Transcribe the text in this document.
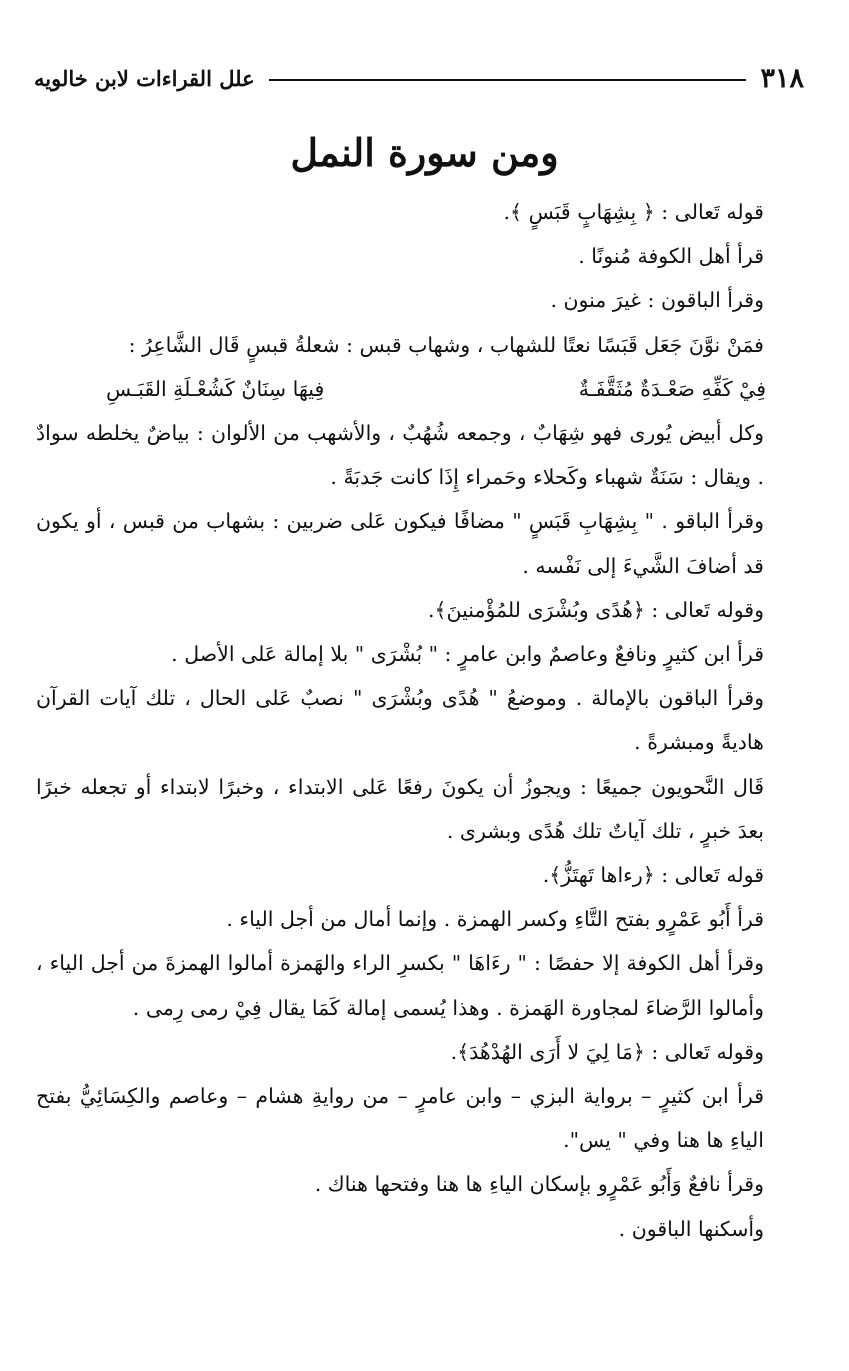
٣١٨
علل القراءات لابن خالويه
ومن سورة النمل

قوله تَعالى : ﴿ بِشِهَابٍ قَبَسٍ ﴾.

قرأ أهل الكوفة مُنونًا .

وقرأ الباقون : غيرَ منون .

فمَنْ نوَّنَ جَعَل قَبَسًا نعتًا للشهاب ، وشهاب قبس : شعلةُ قبسٍ قَال الشَّاعِرُ :

فِيْ كَفِّهِ صَعْـدَةٌ مُثَقَّفَـةٌ
فِيهَا سِنَانٌ كَشُعْـلَةِ القَبَـسِ

وكل أبيض يُورى فهو شِهَابٌ ، وجمعه شُهُبٌ ، والأشهب من الألوان : بياضٌ يخلطه سوادٌ . ويقال : سَنَةٌ شهباء وكَحلاء وحَمراء إِذَا كانت جَدبَةً .

وقرأ الباقو . " بِشِهَابِ قَبَسٍ " مضافًا فيكون عَلى ضربين : بشهاب من قبس ، أو يكون قد أضافَ الشَّيءَ إلى نَفْسه .

وقوله تَعالى : ﴿هُدًى وبُشْرَى للمُؤْمنينَ﴾.

قرأ ابن كثيرٍ ونافعٌ وعاصمٌ وابن عامرٍ : " بُشْرَى " بلا إمالة عَلى الأصل .

وقرأ الباقون بالإمالة . وموضعُ " هُدًى وبُشْرَى " نصبٌ عَلى الحال ، تلك آيات القرآن هاديةً ومبشرةً .

قَال النَّحويون جميعًا : ويجوزُ أن يكونَ رفعًا عَلى الابتداء ، وخبرًا لابتداء أو تجعله خبرًا بعدَ خبرٍ ، تلك آياتٌ تلك هُدًى وبشرى .

قوله تَعالى : ﴿رءاها تَهتَزُّ﴾.

قرأ أَبُو عَمْرٍو بفتح التَّاءِ وكسر الهمزة . وإنما أمال من أجل الياء .

وقرأ أهل الكوفة إلا حفصًا : " رءَاهَا " بكسرِ الراء والهَمزة أمالوا الهمزةَ من أجل الياء ، وأمالوا الرَّضاءَ لمجاورة الهَمزة . وهذا يُسمى إمالة كَمَا يقال فِيْ رمى رِمى .

وقوله تَعالى : ﴿مَا لِيَ لا أَرَى الهُدْهُدَ﴾.

قرأ ابن كثيرٍ – برواية البزي – وابن عامرٍ – من روايةِ هشام – وعاصم والكِسَائِيُّ بفتح الياءِ ها هنا وفي " يس".

وقرأ نافعٌ وَأَبُو عَمْرٍو بإسكان الياءِ ها هنا وفتحها هناك .

وأسكنها الباقون .
